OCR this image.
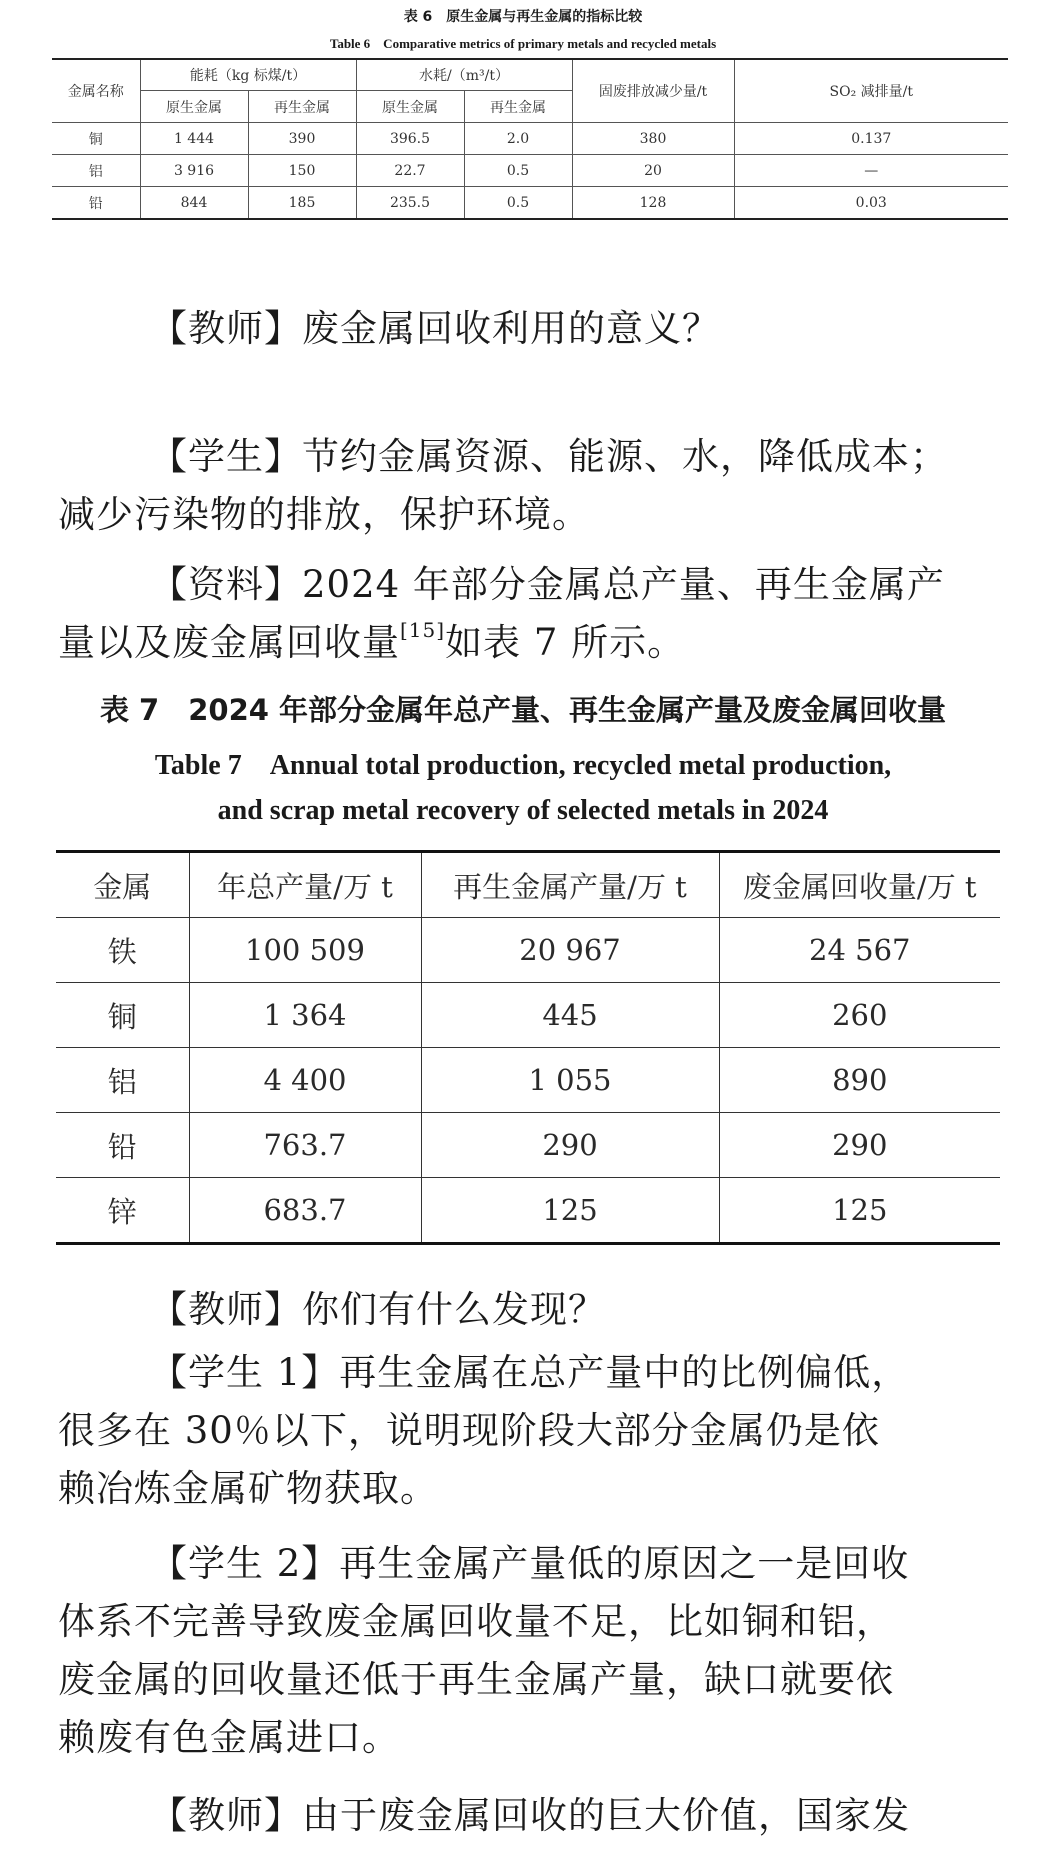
表 6　原生金属与再生金属的指标比较
Table 6　Comparative metrics of primary metals and recycled metals
金属名称	能耗（kg 标煤/t）		水耗/（m³/t）		固废排放减少量/t	SO₂ 减排量/t
	原生金属	再生金属	原生金属	再生金属		
铜	1 444	390	396.5	2.0	380	0.137
铝	3 916	150	22.7	0.5	20	—
铅	844	185	235.5	0.5	128	0.03

【教师】废金属回收利用的意义？

【学生】节约金属资源、能源、水，降低成本；

减少污染物的排放，保护环境。

【资料】2024 年部分金属总产量、再生金属产

量以及废金属回收量[15]如表 7 所示。

表 7　2024 年部分金属年总产量、再生金属产量及废金属回收量
Table 7　Annual total production, recycled metal production,
and scrap metal recovery of selected metals in 2024
金属	年总产量/万 t	再生金属产量/万 t	废金属回收量/万 t
铁	100 509	20 967	24 567
铜	1 364	445	260
铝	4 400	1 055	890
铅	763.7	290	290
锌	683.7	125	125

【教师】你们有什么发现？

【学生 1】再生金属在总产量中的比例偏低，

很多在 30％以下，说明现阶段大部分金属仍是依

赖冶炼金属矿物获取。

【学生 2】再生金属产量低的原因之一是回收

体系不完善导致废金属回收量不足，比如铜和铝，

废金属的回收量还低于再生金属产量，缺口就要依

赖废有色金属进口。

【教师】由于废金属回收的巨大价值，国家发
